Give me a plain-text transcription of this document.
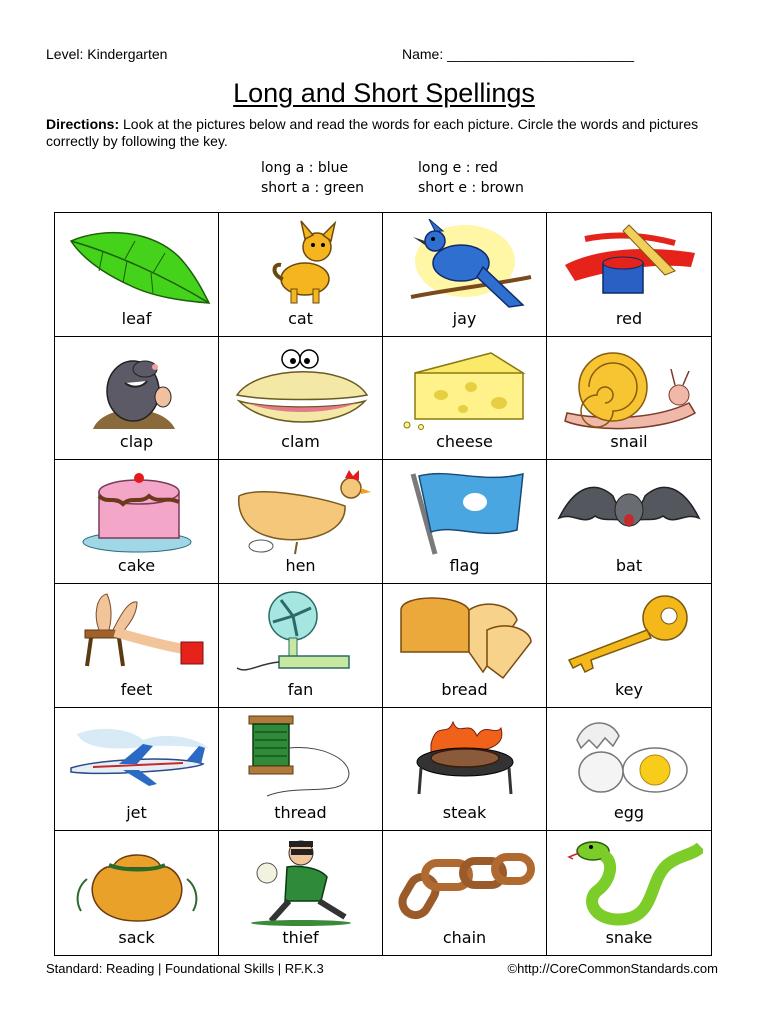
Level: Kindergarten	Name: ________________________
Long and Short Spellings
Directions: Look at the pictures below and read the words for each picture. Circle the words and pictures correctly by following the key.
long a : blue
short a : green
long e : red
short e : brown
leaf	cat	jay	red
clap	clam	cheese	snail
cake	hen	flag	bat
feet	fan	bread	key
jet	thread	steak	egg
sack	thief	chain	snake
Standard: Reading | Foundational Skills | RF.K.3	©http://CoreCommonStandards.com
